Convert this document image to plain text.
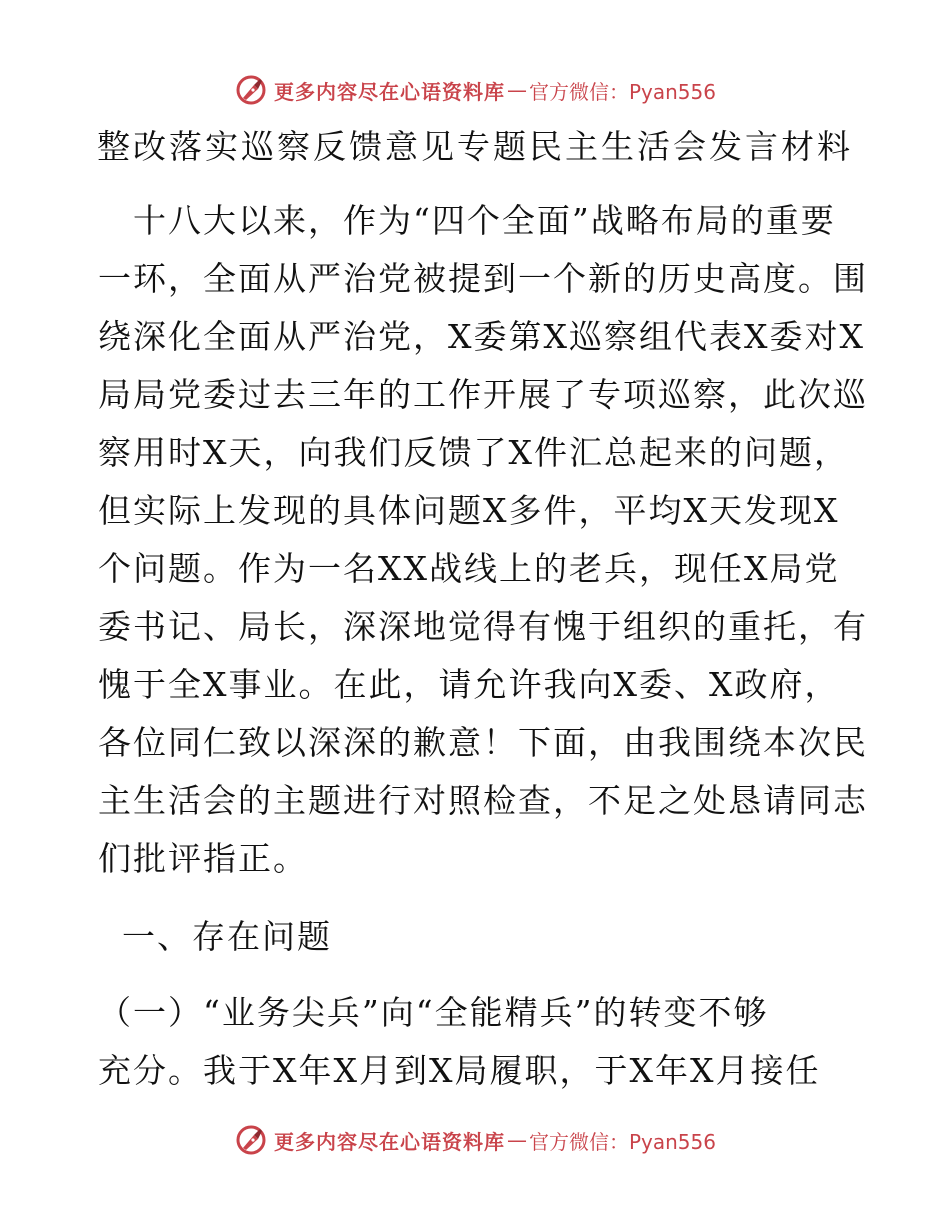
更多内容尽在心语资料库 — 官方微信：Pyan556
整改落实巡察反馈意见专题民主生活会发言材料
　十八大以来，作为“四个全面”战略布局的重要
一环，全面从严治党被提到一个新的历史高度。围
绕深化全面从严治党，X委第X巡察组代表X委对X
局局党委过去三年的工作开展了专项巡察，此次巡
察用时X天，向我们反馈了X件汇总起来的问题，
但实际上发现的具体问题X多件，平均X天发现X
个问题。作为一名XX战线上的老兵，现任X局党
委书记、局长，深深地觉得有愧于组织的重托，有
愧于全X事业。在此，请允许我向X委、X政府，
各位同仁致以深深的歉意！下面，由我围绕本次民
主生活会的主题进行对照检查，不足之处恳请同志
们批评指正。
一、存在问题
（一）“业务尖兵”向“全能精兵”的转变不够
充分。我于X年X月到X局履职，于X年X月接任
更多内容尽在心语资料库 — 官方微信：Pyan556
